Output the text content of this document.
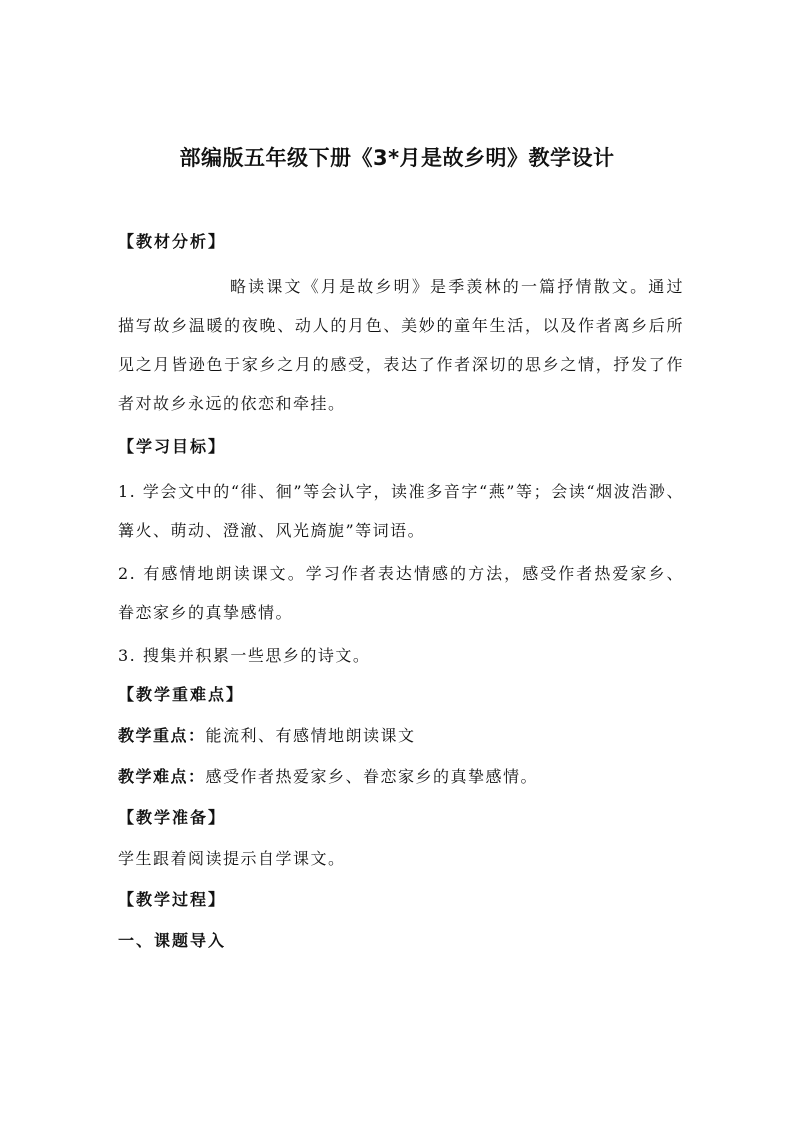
部编版五年级下册《3*月是故乡明》教学设计
【教材分析】

略读课文《月是故乡明》是季羡林的一篇抒情散文。通过描写故乡温暖的夜晚、动人的月色、美妙的童年生活，以及作者离乡后所见之月皆逊色于家乡之月的感受，表达了作者深切的思乡之情，抒发了作者对故乡永远的依恋和牵挂。

【学习目标】

1. 学会文中的“徘、徊”等会认字，读准多音字“燕”等；会读“烟波浩渺、篝火、萌动、澄澈、风光旖旎”等词语。

2. 有感情地朗读课文。学习作者表达情感的方法，感受作者热爱家乡、眷恋家乡的真挚感情。

3. 搜集并积累一些思乡的诗文。

【教学重难点】
教学重点：能流利、有感情地朗读课文
教学难点：感受作者热爱家乡、眷恋家乡的真挚感情。
【教学准备】
学生跟着阅读提示自学课文。
【教学过程】
一、课题导入
